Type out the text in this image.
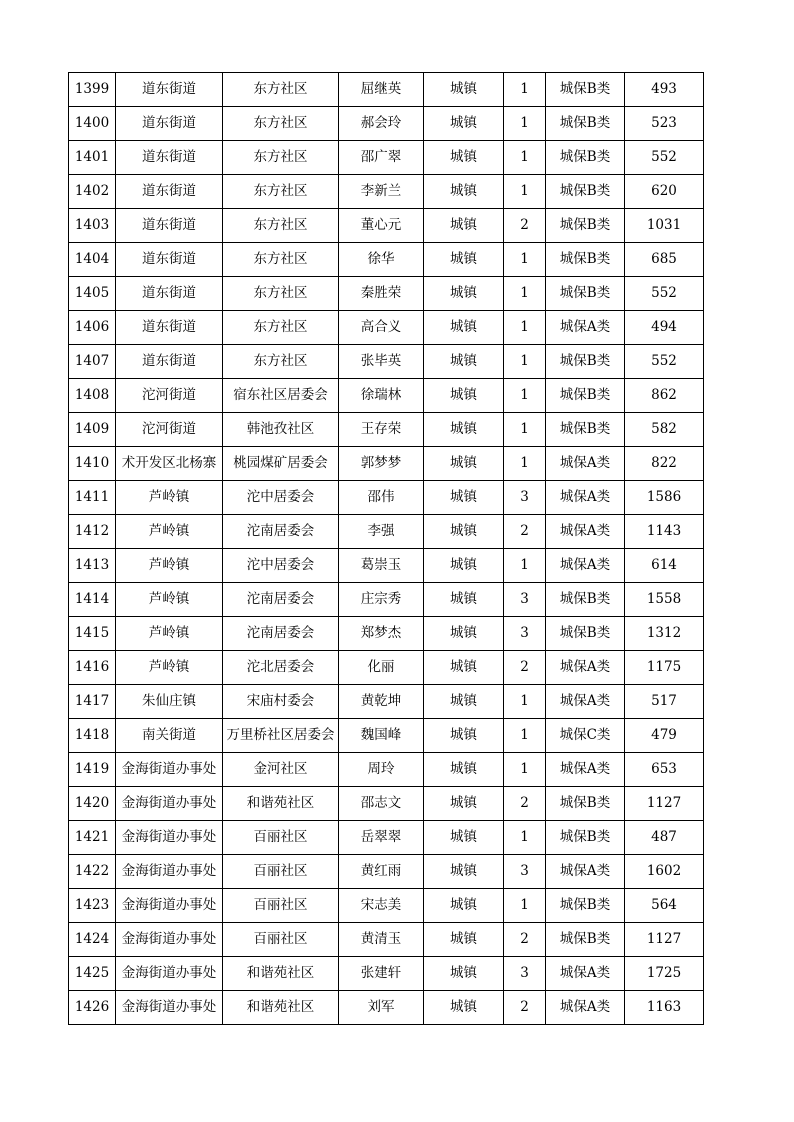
1399	道东街道	东方社区	屈继英	城镇	1	城保B类	493
1400	道东街道	东方社区	郝会玲	城镇	1	城保B类	523
1401	道东街道	东方社区	邵广翠	城镇	1	城保B类	552
1402	道东街道	东方社区	李新兰	城镇	1	城保B类	620
1403	道东街道	东方社区	董心元	城镇	2	城保B类	1031
1404	道东街道	东方社区	徐华	城镇	1	城保B类	685
1405	道东街道	东方社区	秦胜荣	城镇	1	城保B类	552
1406	道东街道	东方社区	高合义	城镇	1	城保A类	494
1407	道东街道	东方社区	张毕英	城镇	1	城保B类	552
1408	沱河街道	宿东社区居委会	徐瑞林	城镇	1	城保B类	862
1409	沱河街道	韩池孜社区	王存荣	城镇	1	城保B类	582
1410	术开发区北杨寨	桃园煤矿居委会	郭梦梦	城镇	1	城保A类	822
1411	芦岭镇	沱中居委会	邵伟	城镇	3	城保A类	1586
1412	芦岭镇	沱南居委会	李强	城镇	2	城保A类	1143
1413	芦岭镇	沱中居委会	葛崇玉	城镇	1	城保A类	614
1414	芦岭镇	沱南居委会	庄宗秀	城镇	3	城保B类	1558
1415	芦岭镇	沱南居委会	郑梦杰	城镇	3	城保B类	1312
1416	芦岭镇	沱北居委会	化丽	城镇	2	城保A类	1175
1417	朱仙庄镇	宋庙村委会	黄乾坤	城镇	1	城保A类	517
1418	南关街道	万里桥社区居委会	魏国峰	城镇	1	城保C类	479
1419	金海街道办事处	金河社区	周玲	城镇	1	城保A类	653
1420	金海街道办事处	和谐苑社区	邵志文	城镇	2	城保B类	1127
1421	金海街道办事处	百丽社区	岳翠翠	城镇	1	城保B类	487
1422	金海街道办事处	百丽社区	黄红雨	城镇	3	城保A类	1602
1423	金海街道办事处	百丽社区	宋志美	城镇	1	城保B类	564
1424	金海街道办事处	百丽社区	黄清玉	城镇	2	城保B类	1127
1425	金海街道办事处	和谐苑社区	张建轩	城镇	3	城保A类	1725
1426	金海街道办事处	和谐苑社区	刘军	城镇	2	城保A类	1163
